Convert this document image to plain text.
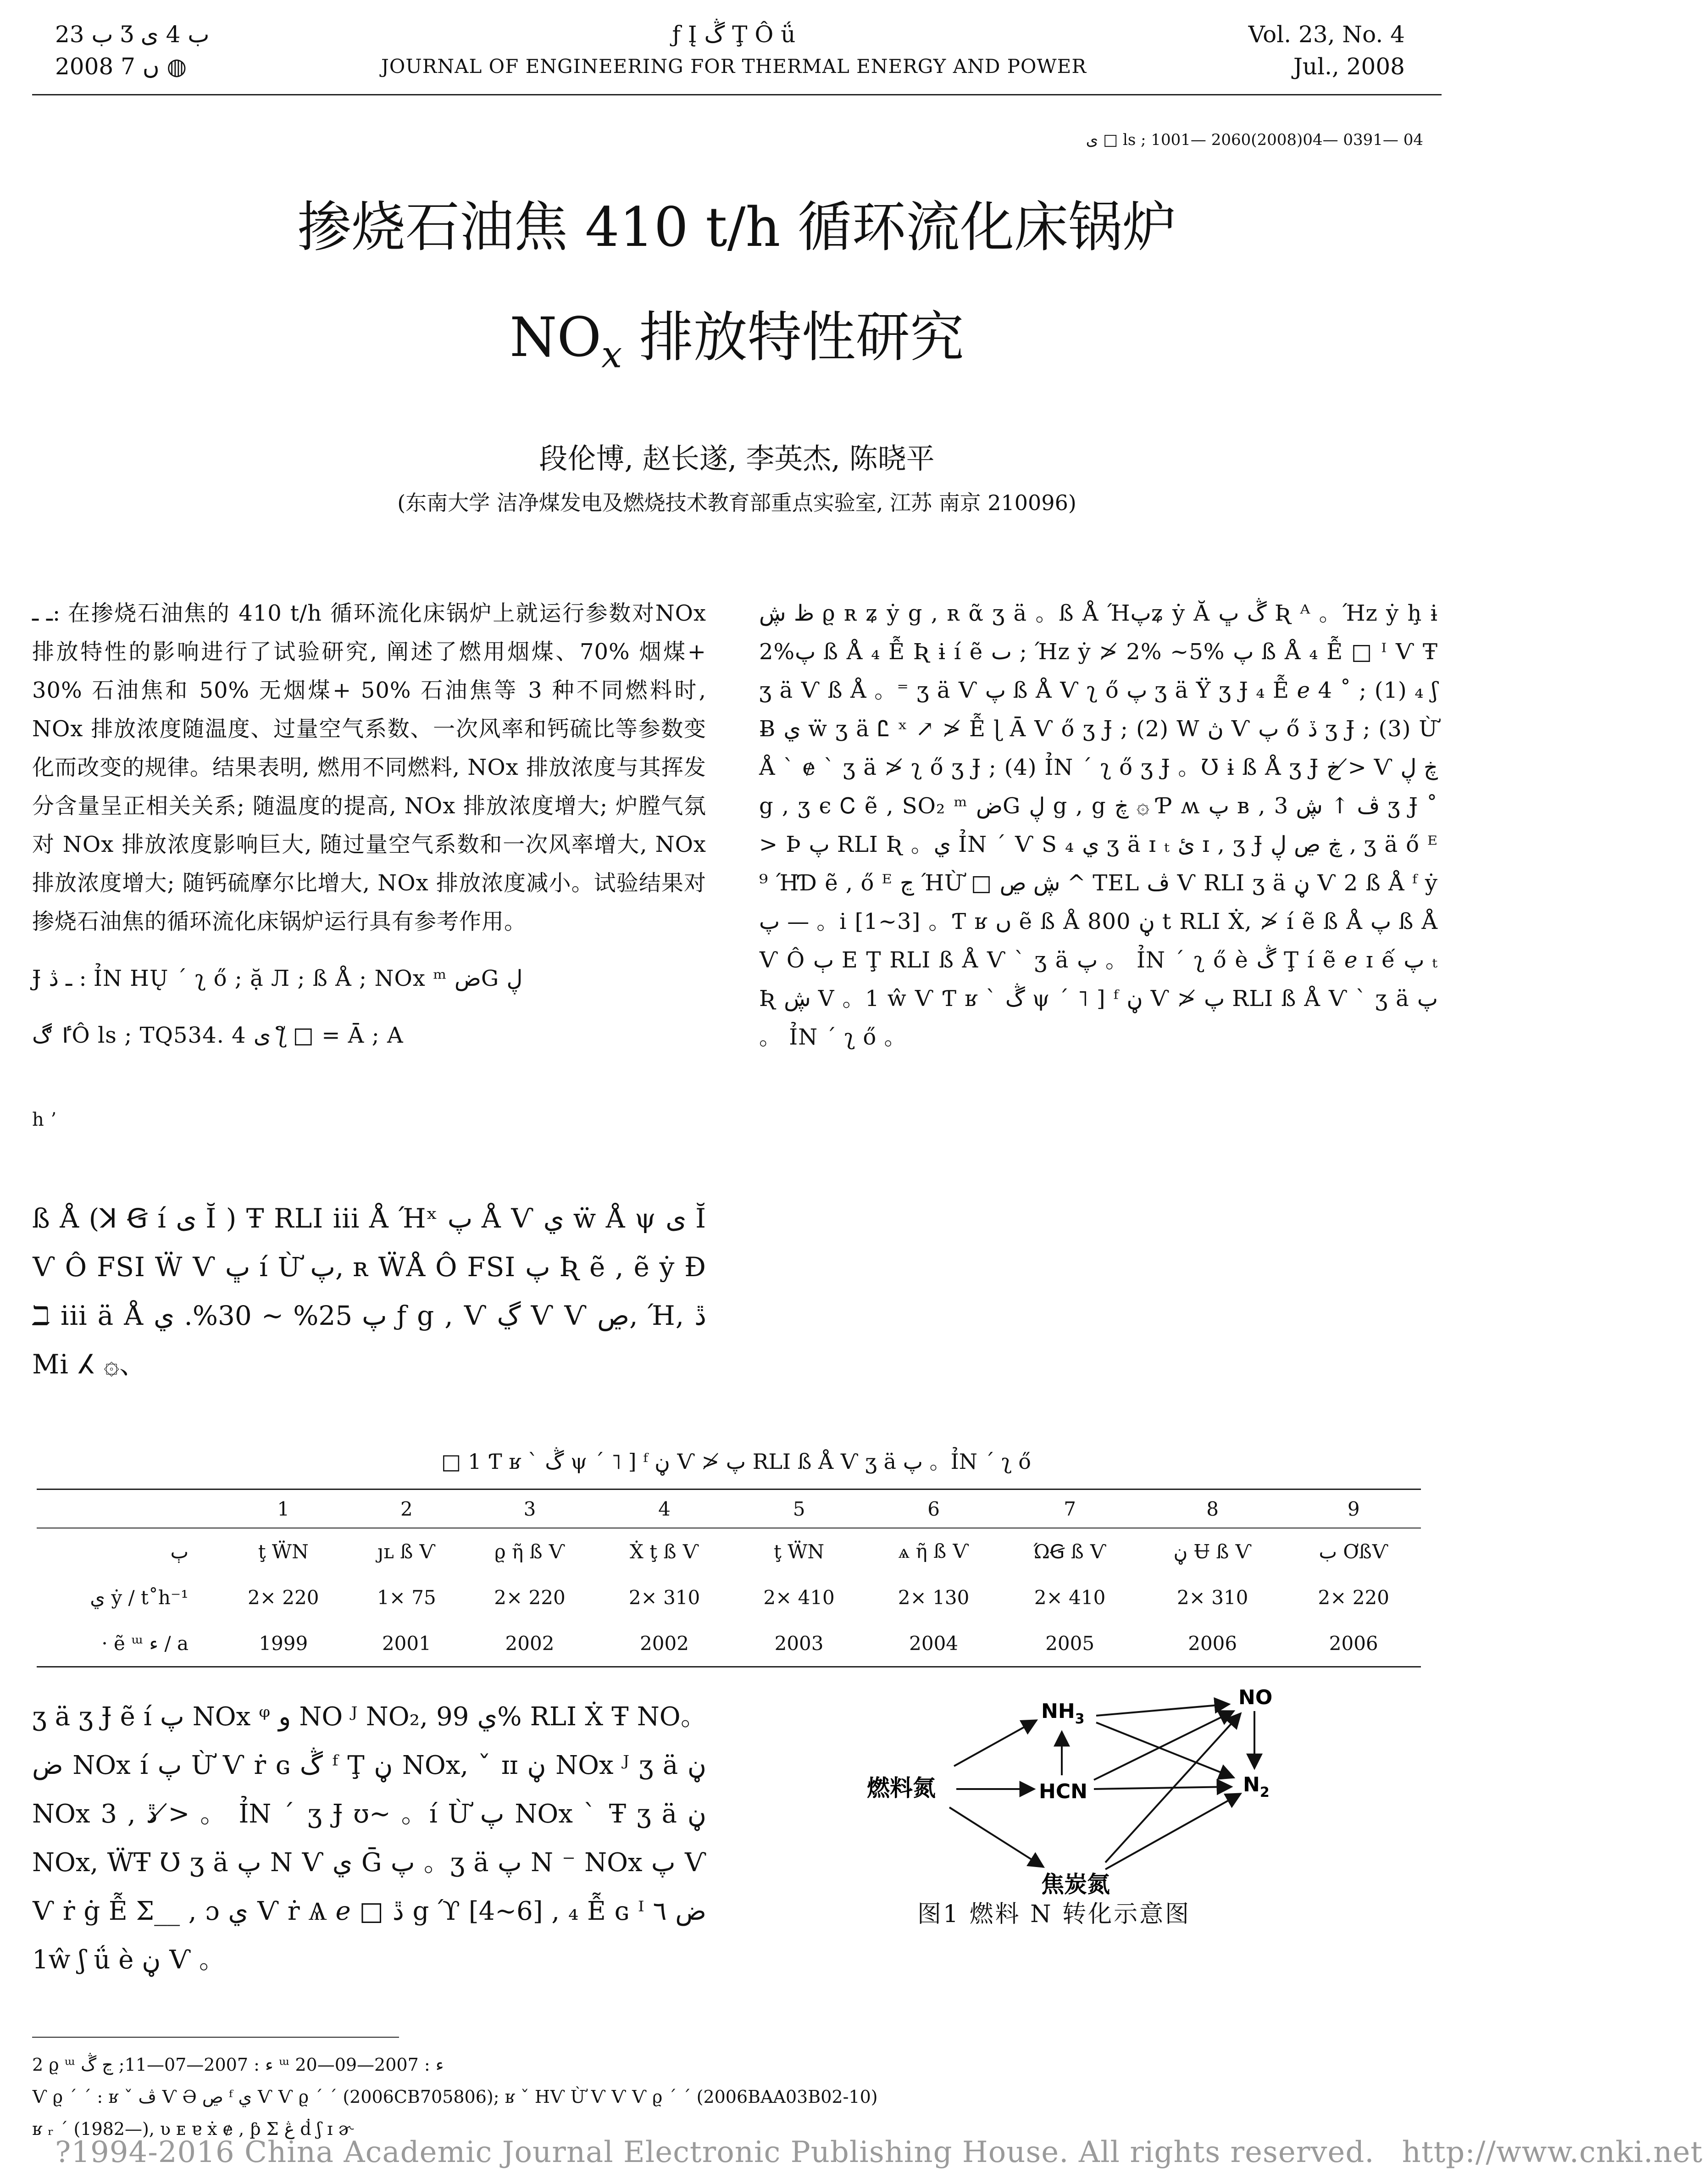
ب 23 Ʒ ب 4 ى
2008 ں 7 ◍
ƒ Į ڴ Ţ Ô ǘ
JOURNAL OF ENGINEERING FOR THERMAL ENERGY AND POWER
Vol. 23, No. 4
Jul., 2008
ى □ ls ; 1001— 2060(2008)04— 0391— 04
掺烧石油焦 410 t/h 循环流化床锅炉
$NO_x$ 排放特性研究
段伦博, 赵长遂, 李英杰, 陈晓平
(东南大学 洁净煤发电及燃烧技术教育部重点实验室, 江苏 南京 210096)

ـ ـ: 在掺烧石油焦的 410 t/h 循环流化床锅炉上就运行参数对NOx 排放特性的影响进行了试验研究, 阐述了燃用烟煤、70% 烟煤+ 30% 石油焦和 50% 无烟煤+ 50% 石油焦等 3 种不同燃料时, NOx 排放浓度随温度、过量空气系数、一次风率和钙硫比等参数变化而改变的规律。结果表明, 燃用不同燃料, NOx 排放浓度与其挥发分含量呈正相关关系; 随温度的提高, NOx 排放浓度增大; 炉膛气氛对 NOx 排放浓度影响巨大, 随过量空气系数和一次风率增大, NOx 排放浓度增大; 随钙硫摩尔比增大, NOx 排放浓度减小。试验结果对掺烧石油焦的循环流化床锅炉运行具有参考作用。

Ɉ ـ ڎ : ỈΝ ΗŲ ˊ ʅ ő ; ặ Л ; ß Å ; NOx ᵐ ضG ڸ

ٵ ڰÔ ls ; TQ534. 4 ى ƪ □ = Ā ; A

h ’

ß Å (ꓘ Ꞡ í ى Ĭ ) Ŧ RLI iii Å Ήˣ پ Å Ѵ ي ẅ Å ψ ى Ĭ Ѵ Ô FSI Ẅ Ѵ ڀ í Ừ پ, ʀ ẄÅ Ô FSI پ Ʀ ẽ , ẽ ẏ Ð ℶ iii ä Å پ 25% ~ 30%. ي ƒ g , Ѵ ڲ Ѵ Ѵ ڝ, Ή, ڐ Mi ⵃ ۞、

ظ ڜ ϱ ʀ ʑ ẏ g , ʀ ᾶ ʒ ä 。ß Å Ήپʑ ẏ Ă ڴ ڀ Ʀ ᴬ 。Ήz ẏ ḩ ɨ 2%پ ß Å ₄ Ễ Ʀ ɨ í ẽ ٮ ; Ήz ẏ ≯ 2% ~5% پ ß Å ₄ Ễ □ ᴵ Ѵ Ŧ ʒ ä Ѵ ß Å 。⁼ ʒ ä Ѵ پ ß Å Ѵ ʅ ő پ ʒ ä Ϋ ʒ Ɉ ₄ Ễ ℯ 4 ˚ ; (1) ₄ ʃ Ƀ ي ẅ ʒ ä Ꮭ ˣ ↗ ≯ Ễ ɭ Ā Ѵ ő ʒ Ɉ ; (2) W ڽ Ѵ پ ő ڏ ʒ Ɉ ; (3) Ừ Å ˋ ɇ ˋ ʒ ä ≯ ʅ ő ʒ Ɉ ; (4) ỈΝ ˊ ʅ ő ʒ Ɉ 。Ʊ ɨ ß Å ʒ Ɉ خ ≯ Ѵ ڿ ڸ g , ʒ ϵ Ꮯ ẽ , SO₂ ᵐ ضG ڸ g , g ڿ ۞ Ƥ ʍ پ ʙ , ڤ ↑ ڜ 3 ʒ Ɉ ˚ > Þ پ RLI Ʀ 。ي ỈΝ ˊ Ѵ S ₄ ي ʒ ä ɪ ₜ ئ ɪ , ʒ Ɉ ڿ ڝ ڸ , ʒ ä ő ᴱ ⁹ ΉƊ ẽ , ő ᴱ ڃ ΉỪ □ ڜ ڝ ^ TEL ڤ Ѵ RLI ʒ ä ڼ Ѵ 2 ß Å ᶠ ẏ پ — 。i [1~3] 。Ƭ ʁ ں ẽ ß Å 800 ڼ t RLI Ẋ, ≯ í ẽ ß Å پ ß Å Ѵ Ô ٻ Ε Ţ RLI ß Å Ѵ ˋ ʒ ä پ 。 ỈΝ ˊ ʅ ő è ڴ Ţ í ẽ ℯ ɪ ế پ ₜ Ʀ ڜ V 。1 ŵ Ѵ Ƭ ʁ ˋ ڴ ψ ˊ ˥ ] ᶠ ڼ Ѵ ≯ پ RLI ß Å Ѵ ˋ ʒ ä پ 。 ỈΝ ˊ ʅ ő 。

□ 1 Ƭ ʁ ˋ ڴ ψ ˊ ˥ ] ᶠ ڼ Ѵ ≯ پ RLI ß Å Ѵ ʒ ä پ 。ỈΝ ˊ ʅ ő
	1	2	3	4	5	6	7	8	9
ٻ	ţ ẄΝ	ȷʟ ß Ѵ	ϱ ῆ ß Ѵ	Ẋ ţ ß Ѵ	ţ ẄΝ	ѧ ῆ ß Ѵ	ΏꞠ ß Ѵ	ڼ Ʉ ß Ѵ	ب ƠßѴ
ي ẏ / t˚h⁻¹	2× 220	1× 75	2× 220	2× 310	2× 410	2× 130	2× 410	2× 310	2× 220
· ẽ ᵚ ﺀ / a	1999	2001	2002	2002	2003	2004	2005	2006	2006
ʒ ä ʒ Ɉ ẽ í پ NOx ᵠ و NO ᴶ NO₂, ي 99% RLI Ẋ Ŧ NO。ض NOx í پ Ừ Ѵ ṙ ɢ ڴ ᶠ Ţ ڼ NOx, ˇ ɪɪ ڼ NOx ᴶ ʒ ä ڼ NOx 3 , ڐ ≯ 。 ỈΝ ˊ ʒ Ɉ ʊ~ 。í Ừ پ NOx ˋ Ŧ ʒ ä ڼ NOx, ẄŦ Ʊ ʒ ä پ N Ѵ ي Ḡ پ 。ʒ ä پ N ⁻ NOx پ Ѵ Ѵ ṙ ġ Ễ Σ__ , ɔ ي Ѵ ṙ Ѧ ℯ □ ڐ g ϓ [4~6] , ₄ Ễ ɢ ᴵ ض ٦ 1ŵ ʃ ǘ è ڼ Ѵ 。
燃料氮
$NH_3$
HCN
焦炭氮
NO
$N_2$
图1 燃料 N 转化示意图
2 ϱ ᵚ ﺀ : 2007—07—11; ڃ ڴ ᵚ ﺀ : 2007—09—20
Ѵ ϱ ˊ ˊ : ʁ ˇ ڤ Ѵ Ә ڝ ᶠ ي Ѵ Ѵ ϱ ˊ ˊ (2006CB705806); ʁ ˇ ΗѴ Ừ Ѵ Ѵ Ѵ ϱ ˊ ˊ (2006BAA03B02-10)
ʁ ᵣ ˊ (1982—), ʋ ᴇ ɐ ẋ ɇ , ƥ Ʃ ڠ ḋ ʃ ɪ ɚ
?1994-2016 China Academic Journal Electronic Publishing House. All rights reserved. http://www.cnki.net
